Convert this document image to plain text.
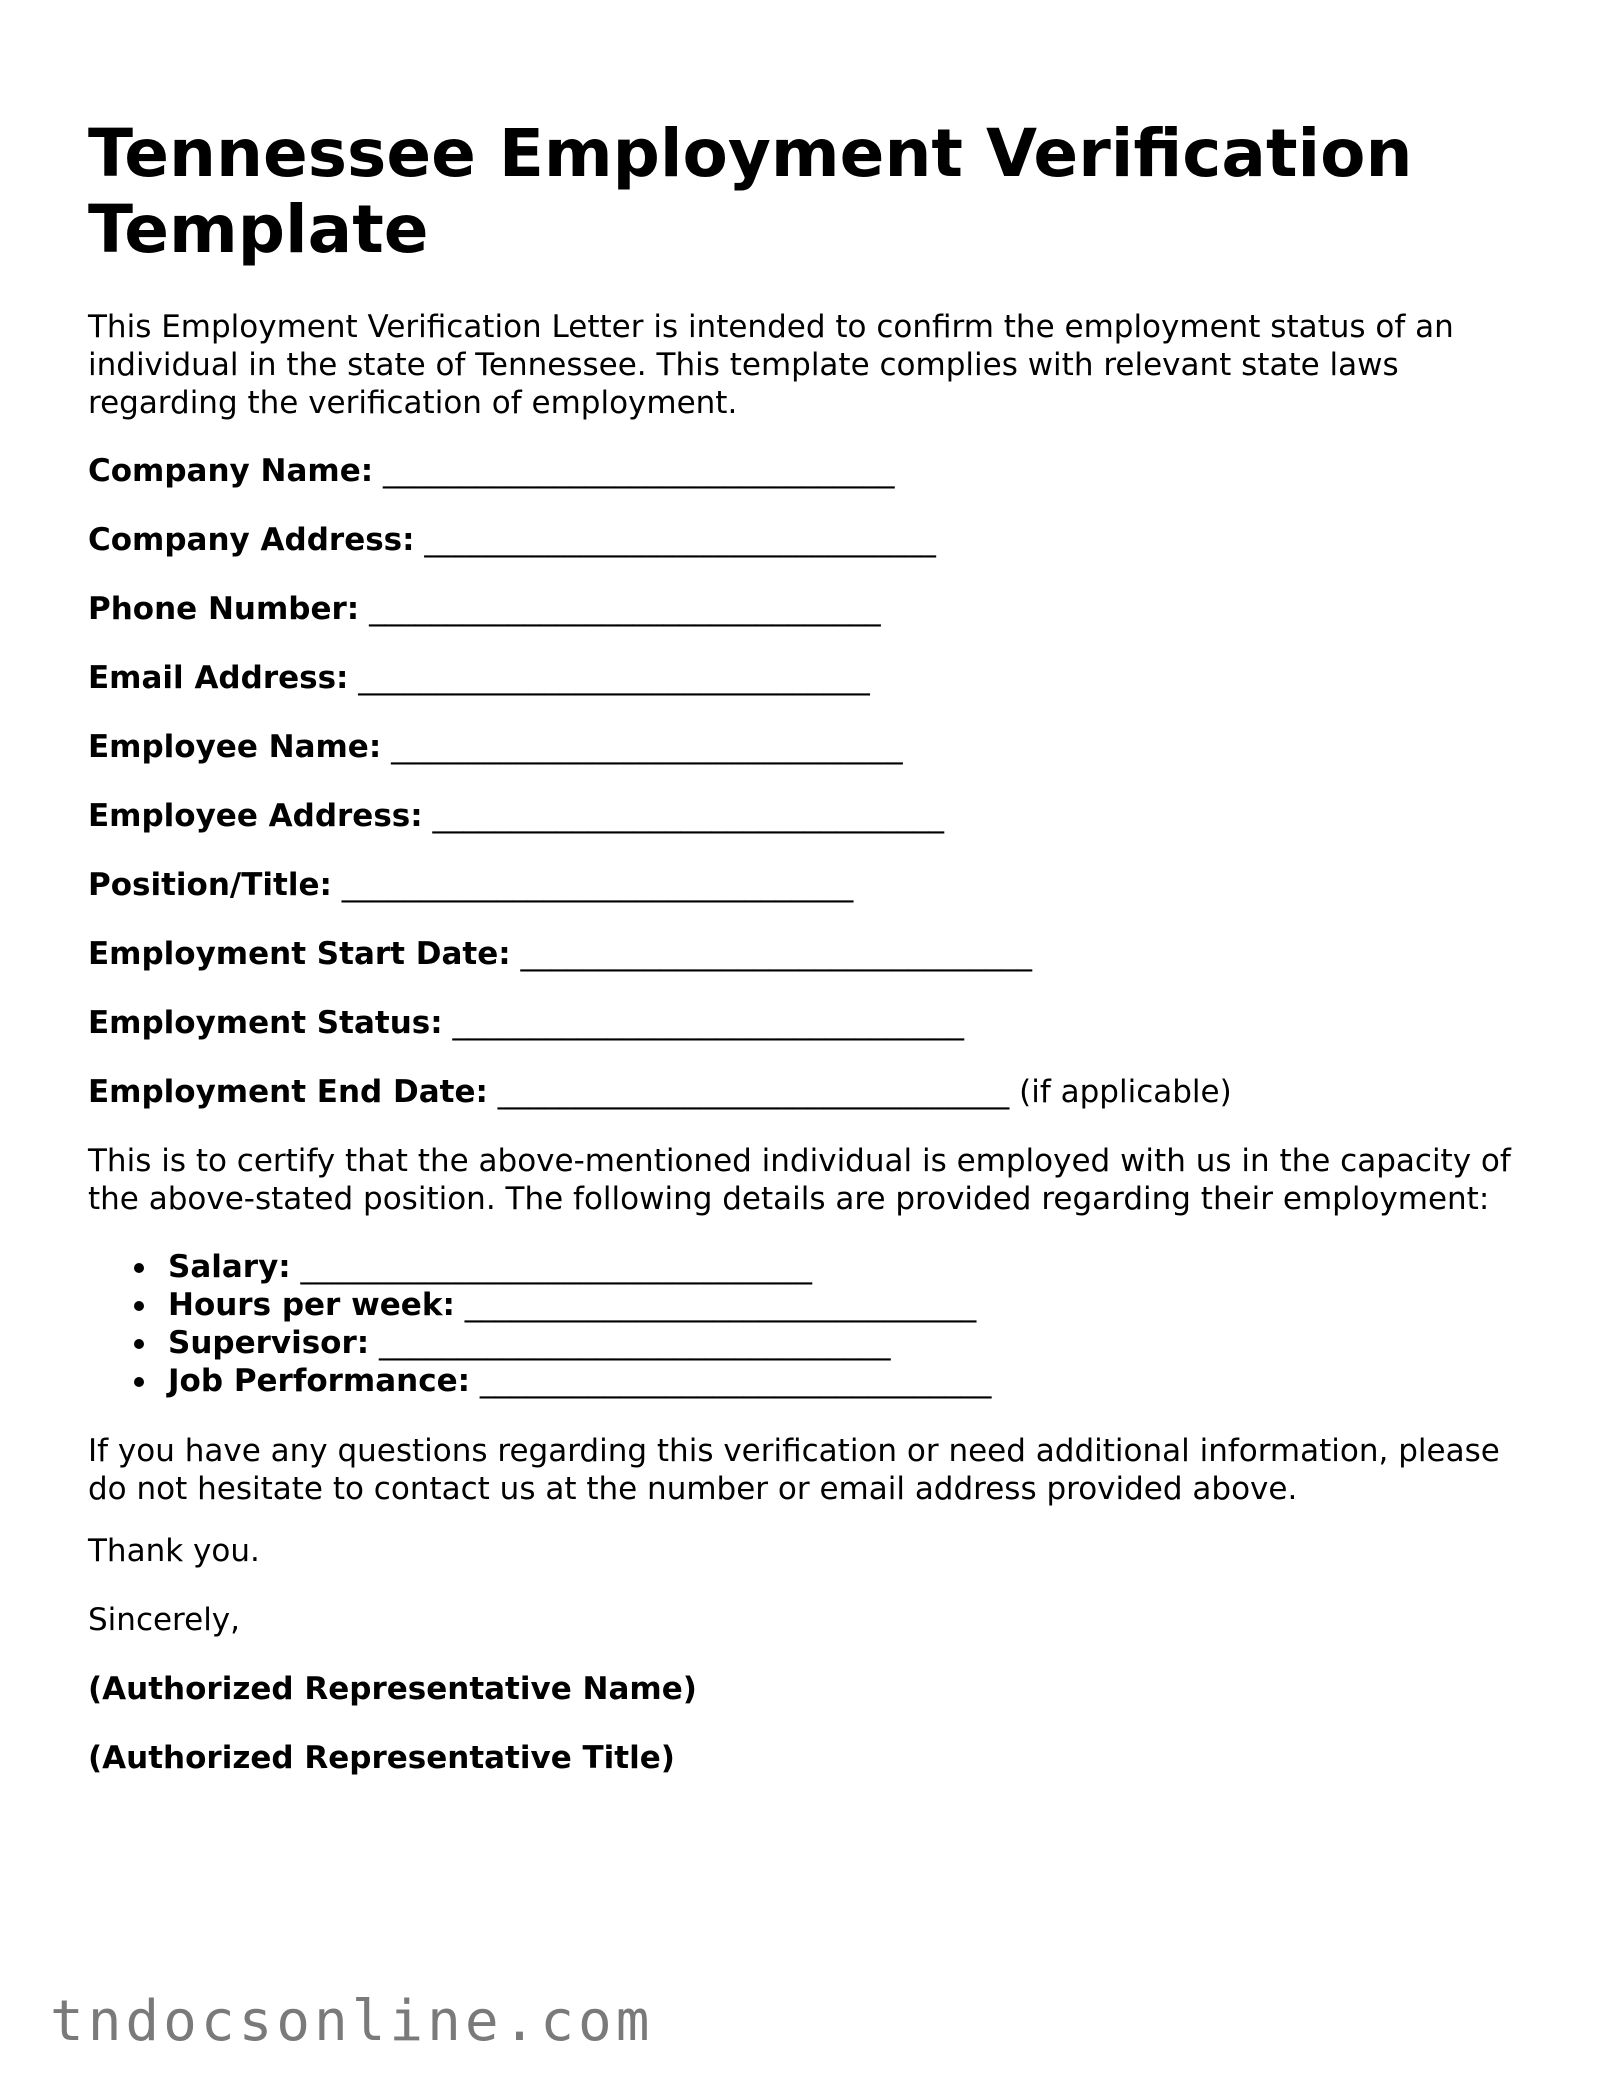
Tennessee Employment Verification Template

This Employment Verification Letter is intended to confirm the employment status of an individual in the state of Tennessee. This template complies with relevant state laws regarding the verification of employment.

Company Name: _________________________________

Company Address: _________________________________

Phone Number: _________________________________

Email Address: _________________________________

Employee Name: _________________________________

Employee Address: _________________________________

Position/Title: _________________________________

Employment Start Date: _________________________________

Employment Status: _________________________________

Employment End Date: _________________________________ (if applicable)

This is to certify that the above-mentioned individual is employed with us in the capacity of the above-stated position. The following details are provided regarding their employment:

Salary: _________________________________
Hours per week: _________________________________
Supervisor: _________________________________
Job Performance: _________________________________

If you have any questions regarding this verification or need additional information, please do not hesitate to contact us at the number or email address provided above.

Thank you.

Sincerely,

(Authorized Representative Name)

(Authorized Representative Title)

tndocsonline.com
